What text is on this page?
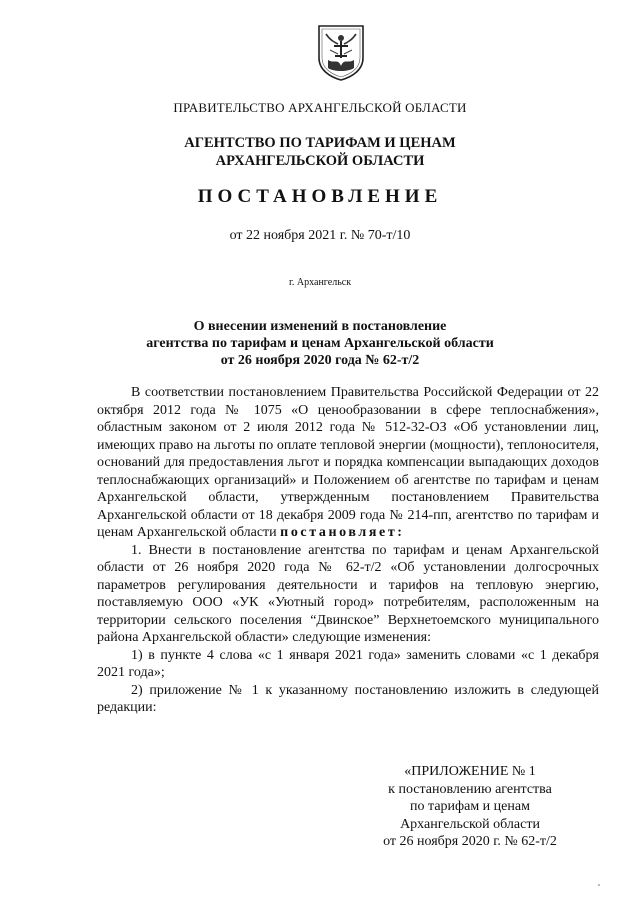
ПРАВИТЕЛЬСТВО АРХАНГЕЛЬСКОЙ ОБЛАСТИ
АГЕНТСТВО ПО ТАРИФАМ И ЦЕНАМ
АРХАНГЕЛЬСКОЙ ОБЛАСТИ
ПОСТАНОВЛЕНИЕ
от 22 ноября 2021 г. № 70-т/10
г. Архангельск
О внесении изменений в постановление
агентства по тарифам и ценам Архангельской области
от 26 ноября 2020 года № 62-т/2

В соответствии постановлением Правительства Российской Федерации от 22 октября 2012 года № 1075 «О ценообразовании в сфере теплоснабжения», областным законом от 2 июля 2012 года № 512-32-ОЗ «Об установлении лиц, имеющих право на льготы по оплате тепловой энергии (мощности), теплоносителя, оснований для предоставления льгот и порядка компенсации выпадающих доходов теплоснабжающих организаций» и Положением об агентстве по тарифам и ценам Архангельской области, утвержденным постановлением Правительства Архангельской области от 18 декабря 2009 года № 214-пп, агентство по тарифам и ценам Архангельской области постановляет:

1. Внести в постановление агентства по тарифам и ценам Архангельской области от 26 ноября 2020 года № 62-т/2 «Об установлении долгосрочных параметров регулирования деятельности и тарифов на тепловую энергию, поставляемую ООО «УК «Уютный город» потребителям, расположенным на территории сельского поселения “Двинское” Верхнетоемского муниципального района Архангельской области» следующие изменения:

1) в пункте 4 слова «с 1 января 2021 года» заменить словами «с 1 декабря 2021 года»;

2) приложение № 1 к указанному постановлению изложить в следующей редакции:

«ПРИЛОЖЕНИЕ № 1
к постановлению агентства
по тарифам и ценам
Архангельской области
от 26 ноября 2020 г. № 62-т/2
